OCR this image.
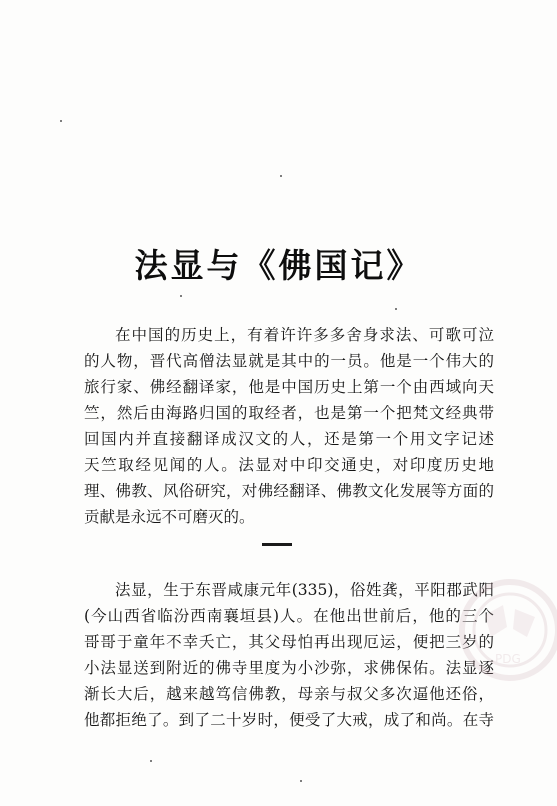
法显与《佛国记》
在中国的历史上，有着许许多多舍身求法、可歌可泣
的人物，晋代高僧法显就是其中的一员。他是一个伟大的
旅行家、佛经翻译家，他是中国历史上第一个由西域向天
竺，然后由海路归国的取经者，也是第一个把梵文经典带
回国内并直接翻译成汉文的人，还是第一个用文字记述
天竺取经见闻的人。法显对中印交通史，对印度历史地
理、佛教、风俗研究，对佛经翻译、佛教文化发展等方面的
贡献是永远不可磨灭的。
法显，生于东晋咸康元年(335)，俗姓龚，平阳郡武阳
(今山西省临汾西南襄垣县)人。在他出世前后，他的三个
哥哥于童年不幸夭亡，其父母怕再出现厄运，便把三岁的
小法显送到附近的佛寺里度为小沙弥，求佛保佑。法显逐
渐长大后，越来越笃信佛教，母亲与叔父多次逼他还俗，
他都拒绝了。到了二十岁时，便受了大戒，成了和尚。在寺
PDG
